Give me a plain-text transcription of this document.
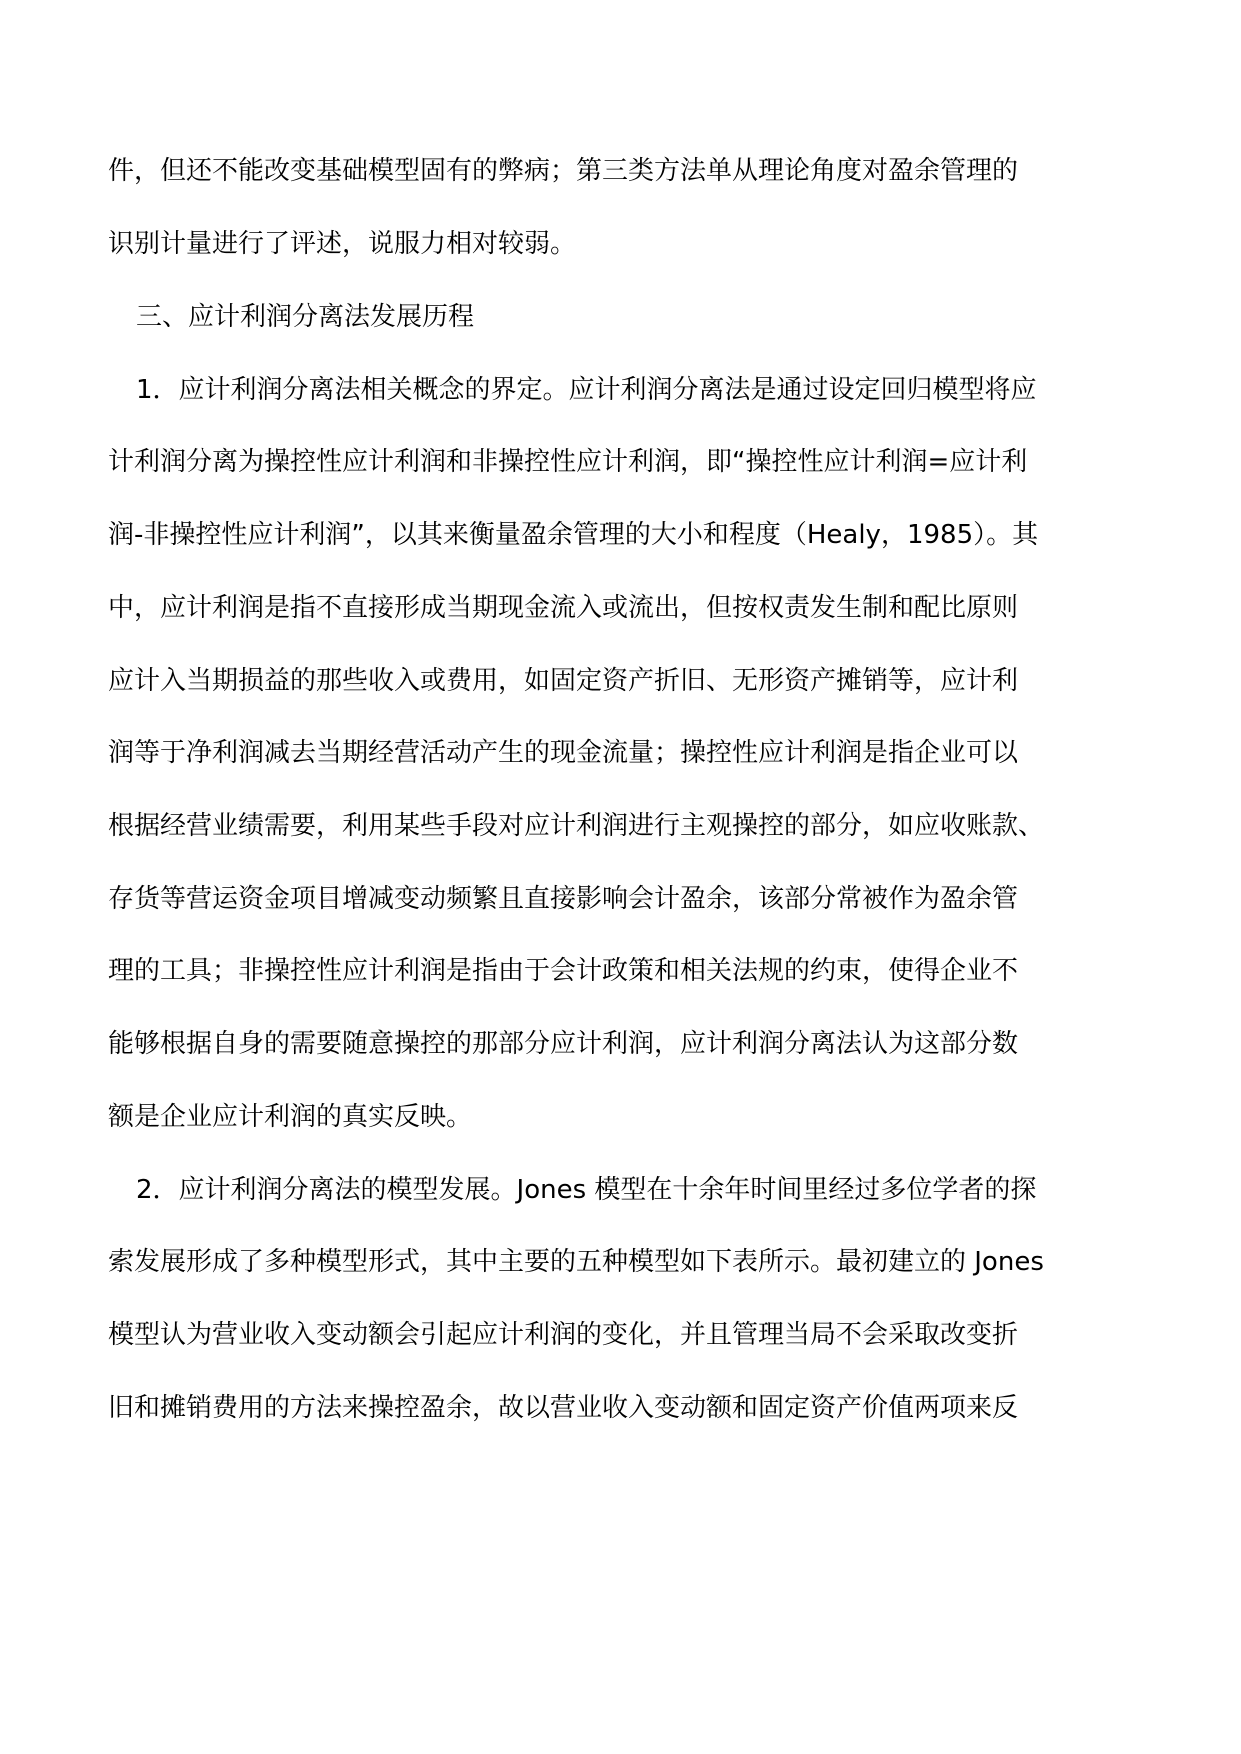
件，但还不能改变基础模型固有的弊病；第三类方法单从理论角度对盈余管理的
识别计量进行了评述，说服力相对较弱。
三、应计利润分离法发展历程
1．应计利润分离法相关概念的界定。应计利润分离法是通过设定回归模型将应
计利润分离为操控性应计利润和非操控性应计利润，即“操控性应计利润=应计利
润-非操控性应计利润”，以其来衡量盈余管理的大小和程度（Healy，1985）。其
中，应计利润是指不直接形成当期现金流入或流出，但按权责发生制和配比原则
应计入当期损益的那些收入或费用，如固定资产折旧、无形资产摊销等，应计利
润等于净利润减去当期经营活动产生的现金流量；操控性应计利润是指企业可以
根据经营业绩需要，利用某些手段对应计利润进行主观操控的部分，如应收账款、
存货等营运资金项目增减变动频繁且直接影响会计盈余，该部分常被作为盈余管
理的工具；非操控性应计利润是指由于会计政策和相关法规的约束，使得企业不
能够根据自身的需要随意操控的那部分应计利润，应计利润分离法认为这部分数
额是企业应计利润的真实反映。
2．应计利润分离法的模型发展。Jones 模型在十余年时间里经过多位学者的探
索发展形成了多种模型形式，其中主要的五种模型如下表所示。最初建立的 Jones
模型认为营业收入变动额会引起应计利润的变化，并且管理当局不会采取改变折
旧和摊销费用的方法来操控盈余，故以营业收入变动额和固定资产价值两项来反
